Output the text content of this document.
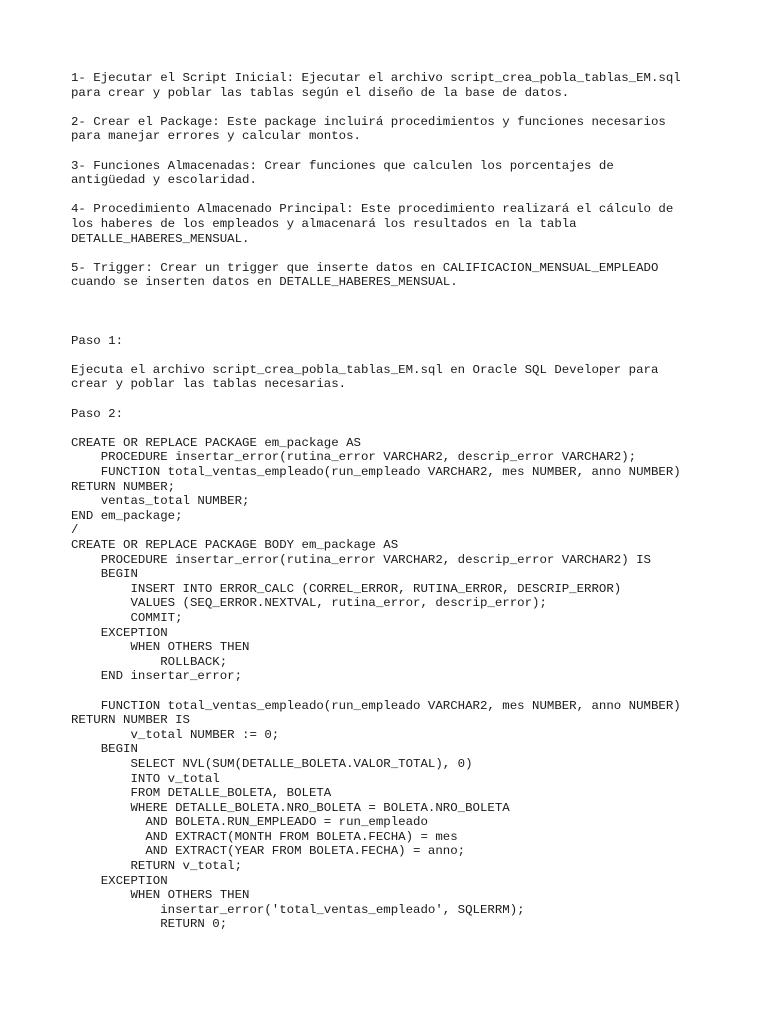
1- Ejecutar el Script Inicial: Ejecutar el archivo script_crea_pobla_tablas_EM.sql
para crear y poblar las tablas según el diseño de la base de datos.
2- Crear el Package: Este package incluirá procedimientos y funciones necesarios
para manejar errores y calcular montos.
3- Funciones Almacenadas: Crear funciones que calculen los porcentajes de
antigüedad y escolaridad.
4- Procedimiento Almacenado Principal: Este procedimiento realizará el cálculo de
los haberes de los empleados y almacenará los resultados en la tabla
DETALLE_HABERES_MENSUAL.
5- Trigger: Crear un trigger que inserte datos en CALIFICACION_MENSUAL_EMPLEADO
cuando se inserten datos en DETALLE_HABERES_MENSUAL.
Paso 1:
Ejecuta el archivo script_crea_pobla_tablas_EM.sql en Oracle SQL Developer para
crear y poblar las tablas necesarias.
Paso 2:
CREATE OR REPLACE PACKAGE em_package AS
PROCEDURE insertar_error(rutina_error VARCHAR2, descrip_error VARCHAR2);
FUNCTION total_ventas_empleado(run_empleado VARCHAR2, mes NUMBER, anno NUMBER)
RETURN NUMBER;
ventas_total NUMBER;
END em_package;
/
CREATE OR REPLACE PACKAGE BODY em_package AS
PROCEDURE insertar_error(rutina_error VARCHAR2, descrip_error VARCHAR2) IS
BEGIN
INSERT INTO ERROR_CALC (CORREL_ERROR, RUTINA_ERROR, DESCRIP_ERROR)
VALUES (SEQ_ERROR.NEXTVAL, rutina_error, descrip_error);
COMMIT;
EXCEPTION
WHEN OTHERS THEN
ROLLBACK;
END insertar_error;
FUNCTION total_ventas_empleado(run_empleado VARCHAR2, mes NUMBER, anno NUMBER)
RETURN NUMBER IS
v_total NUMBER := 0;
BEGIN
SELECT NVL(SUM(DETALLE_BOLETA.VALOR_TOTAL), 0)
INTO v_total
FROM DETALLE_BOLETA, BOLETA
WHERE DETALLE_BOLETA.NRO_BOLETA = BOLETA.NRO_BOLETA
AND BOLETA.RUN_EMPLEADO = run_empleado
AND EXTRACT(MONTH FROM BOLETA.FECHA) = mes
AND EXTRACT(YEAR FROM BOLETA.FECHA) = anno;
RETURN v_total;
EXCEPTION
WHEN OTHERS THEN
insertar_error('total_ventas_empleado', SQLERRM);
RETURN 0;
